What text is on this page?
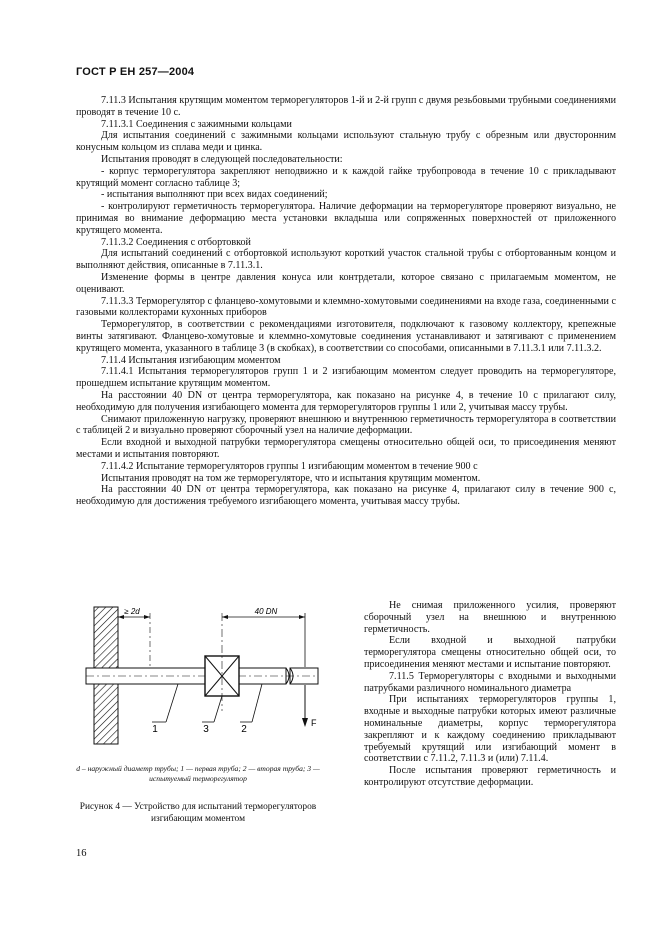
ГОСТ Р ЕН 257—2004

7.11.3 Испытания крутящим моментом терморегуляторов 1-й и 2-й групп с двумя резьбовыми трубными соединениями проводят в течение 10 с.

7.11.3.1 Соединения с зажимными кольцами

Для испытания соединений с зажимными кольцами используют стальную трубу с обрезным или двусторонним конусным кольцом из сплава меди и цинка.

Испытания проводят в следующей последовательности:

- корпус терморегулятора закрепляют неподвижно и к каждой гайке трубопровода в течение 10 с прикладывают крутящий момент согласно таблице 3;

- испытания выполняют при всех видах соединений;

- контролируют герметичность терморегулятора. Наличие деформации на терморегуляторе проверяют визуально, не принимая во внимание деформацию места установки вкладыша или сопряженных поверхностей от приложенного крутящего момента.

7.11.3.2 Соединения с отбортовкой

Для испытаний соединений с отбортовкой используют короткий участок стальной трубы с отбортованным концом и выполняют действия, описанные в 7.11.3.1.

Изменение формы в центре давления конуса или контрдетали, которое связано с прилагаемым моментом, не оценивают.

7.11.3.3 Терморегулятор с фланцево-хомутовыми и клеммно-хомутовыми соединениями на входе газа, соединенными с газовыми коллекторами кухонных приборов

Терморегулятор, в соответствии с рекомендациями изготовителя, подключают к газовому коллектору, крепежные винты затягивают. Фланцево-хомутовые и клеммно-хомутовые соединения устанавливают и затягивают с применением крутящего момента, указанного в таблице 3 (в скобках), в соответствии со способами, описанными в 7.11.3.1 или 7.11.3.2.

7.11.4 Испытания изгибающим моментом

7.11.4.1 Испытания терморегуляторов групп 1 и 2 изгибающим моментом следует проводить на терморегуляторе, прошедшем испытание крутящим моментом.

На расстоянии 40 DN от центра терморегулятора, как показано на рисунке 4, в течение 10 с прилагают силу, необходимую для получения изгибающего момента для терморегуляторов группы 1 или 2, учитывая массу трубы.

Снимают приложенную нагрузку, проверяют внешнюю и внутреннюю герметичность терморегулятора в соответствии с таблицей 2 и визуально проверяют сборочный узел на наличие деформации.

Если входной и выходной патрубки терморегулятора смещены относительно общей оси, то присоединения меняют местами и испытания повторяют.

7.11.4.2 Испытание терморегуляторов группы 1 изгибающим моментом в течение 900 с

Испытания проводят на том же терморегуляторе, что и испытания крутящим моментом.

На расстоянии 40 DN от центра терморегулятора, как показано на рисунке 4, прилагают силу в течение 900 с, необходимую для достижения требуемого изгибающего момента, учитывая массу трубы.

≥ 2d	40 DN
F
1	3	2
d – наружный диаметр трубы; 1 — первая труба; 2 — вторая труба; 3 — испытуемый терморегулятор
Рисунок 4 — Устройство для испытаний терморегуляторов изгибающим моментом

Не снимая приложенного усилия, проверяют сборочный узел на внешнюю и внутреннюю герметичность.

Если входной и выходной патрубки терморегулятора смещены относительно общей оси, то присоединения меняют местами и испытание повторяют.

7.11.5 Терморегуляторы с входными и выходными патрубками различного номинального диаметра

При испытаниях терморегуляторов группы 1, входные и выходные патрубки которых имеют различные номинальные диаметры, корпус терморегулятора закрепляют и к каждому соединению прикладывают требуемый крутящий или изгибающий момент в соответствии с 7.11.2, 7.11.3 и (или) 7.11.4.

После испытания проверяют герметичность и контролируют отсутствие деформации.

16
